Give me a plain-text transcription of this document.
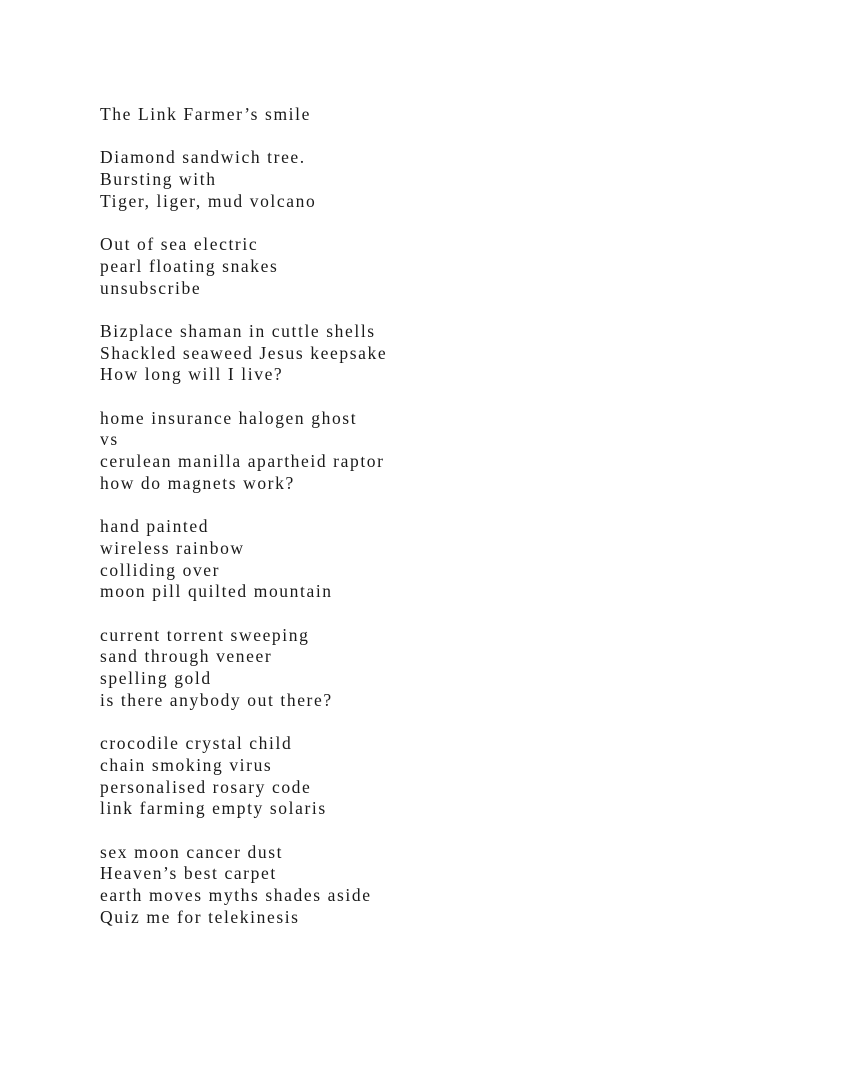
The Link Farmer’s smile
Diamond sandwich tree.
Bursting with
Tiger, liger, mud volcano
Out of sea electric
pearl floating snakes
unsubscribe
Bizplace shaman in cuttle shells
Shackled seaweed Jesus keepsake
How long will I live?
home insurance halogen ghost
vs
cerulean manilla apartheid raptor
how do magnets work?
hand painted
wireless rainbow
colliding over
moon pill quilted mountain
current torrent sweeping
sand through veneer
spelling gold
is there anybody out there?
crocodile crystal child
chain smoking virus
personalised rosary code
link farming empty solaris
sex moon cancer dust
Heaven’s best carpet
earth moves myths shades aside
Quiz me for telekinesis
